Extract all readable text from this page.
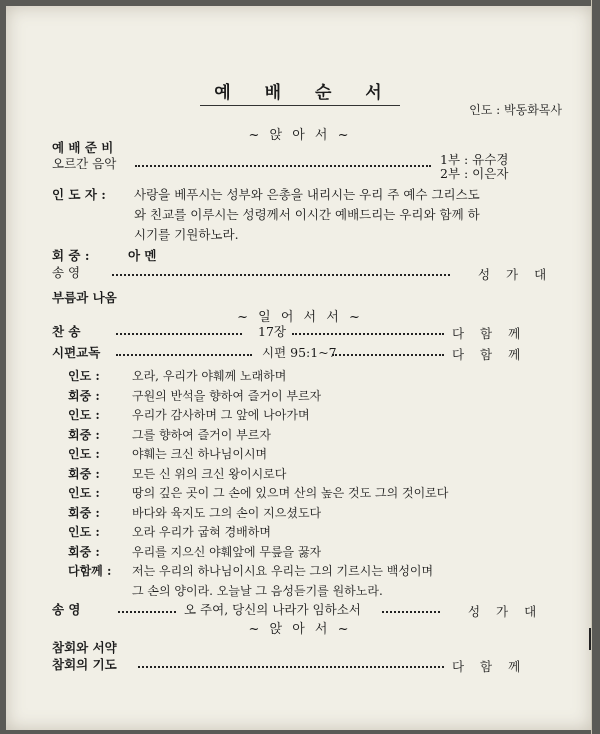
예 배 순 서
인도 : 박동화목사
~ 앉 아 서 ~
예 배 준 비
오르간 음악	1부 : 유수경
2부 : 이은자
인 도 자 : 사랑을 베푸시는 성부와 은총을 내리시는 우리 주 예수 그리스도
와 친교를 이루시는 성령께서 이시간 예배드리는 우리와 함께 하
시기를 기원하노라.
회 중 :	아 멘
송 영	성 가 대
부름과 나옴
~ 일 어 서 서 ~
찬 송	17장	다 함 께
시편교독	시편 95:1~7	다 함 께
인도 :	오라, 우리가 야훼께 노래하며
회중 :	구원의 반석을 향하여 즐거이 부르자
인도 :	우리가 감사하며 그 앞에 나아가며
회중 :	그를 향하여 즐거이 부르자
인도 :	야훼는 크신 하나님이시며
회중 :	모든 신 위의 크신 왕이시로다
인도 :	땅의 깊은 곳이 그 손에 있으며 산의 높은 것도 그의 것이로다
회중 :	바다와 육지도 그의 손이 지으셨도다
인도 :	오라 우리가 굽혀 경배하며
회중 :	우리를 지으신 야훼앞에 무릎을 꿇자
다함께 : 저는 우리의 하나님이시요 우리는 그의 기르시는 백성이며
그 손의 양이라. 오늘날 그 음성듣기를 원하노라.
송 영	오 주여, 당신의 나라가 임하소서	성 가 대
~ 앉 아 서 ~
참회와 서약
참회의 기도	다 함 께
